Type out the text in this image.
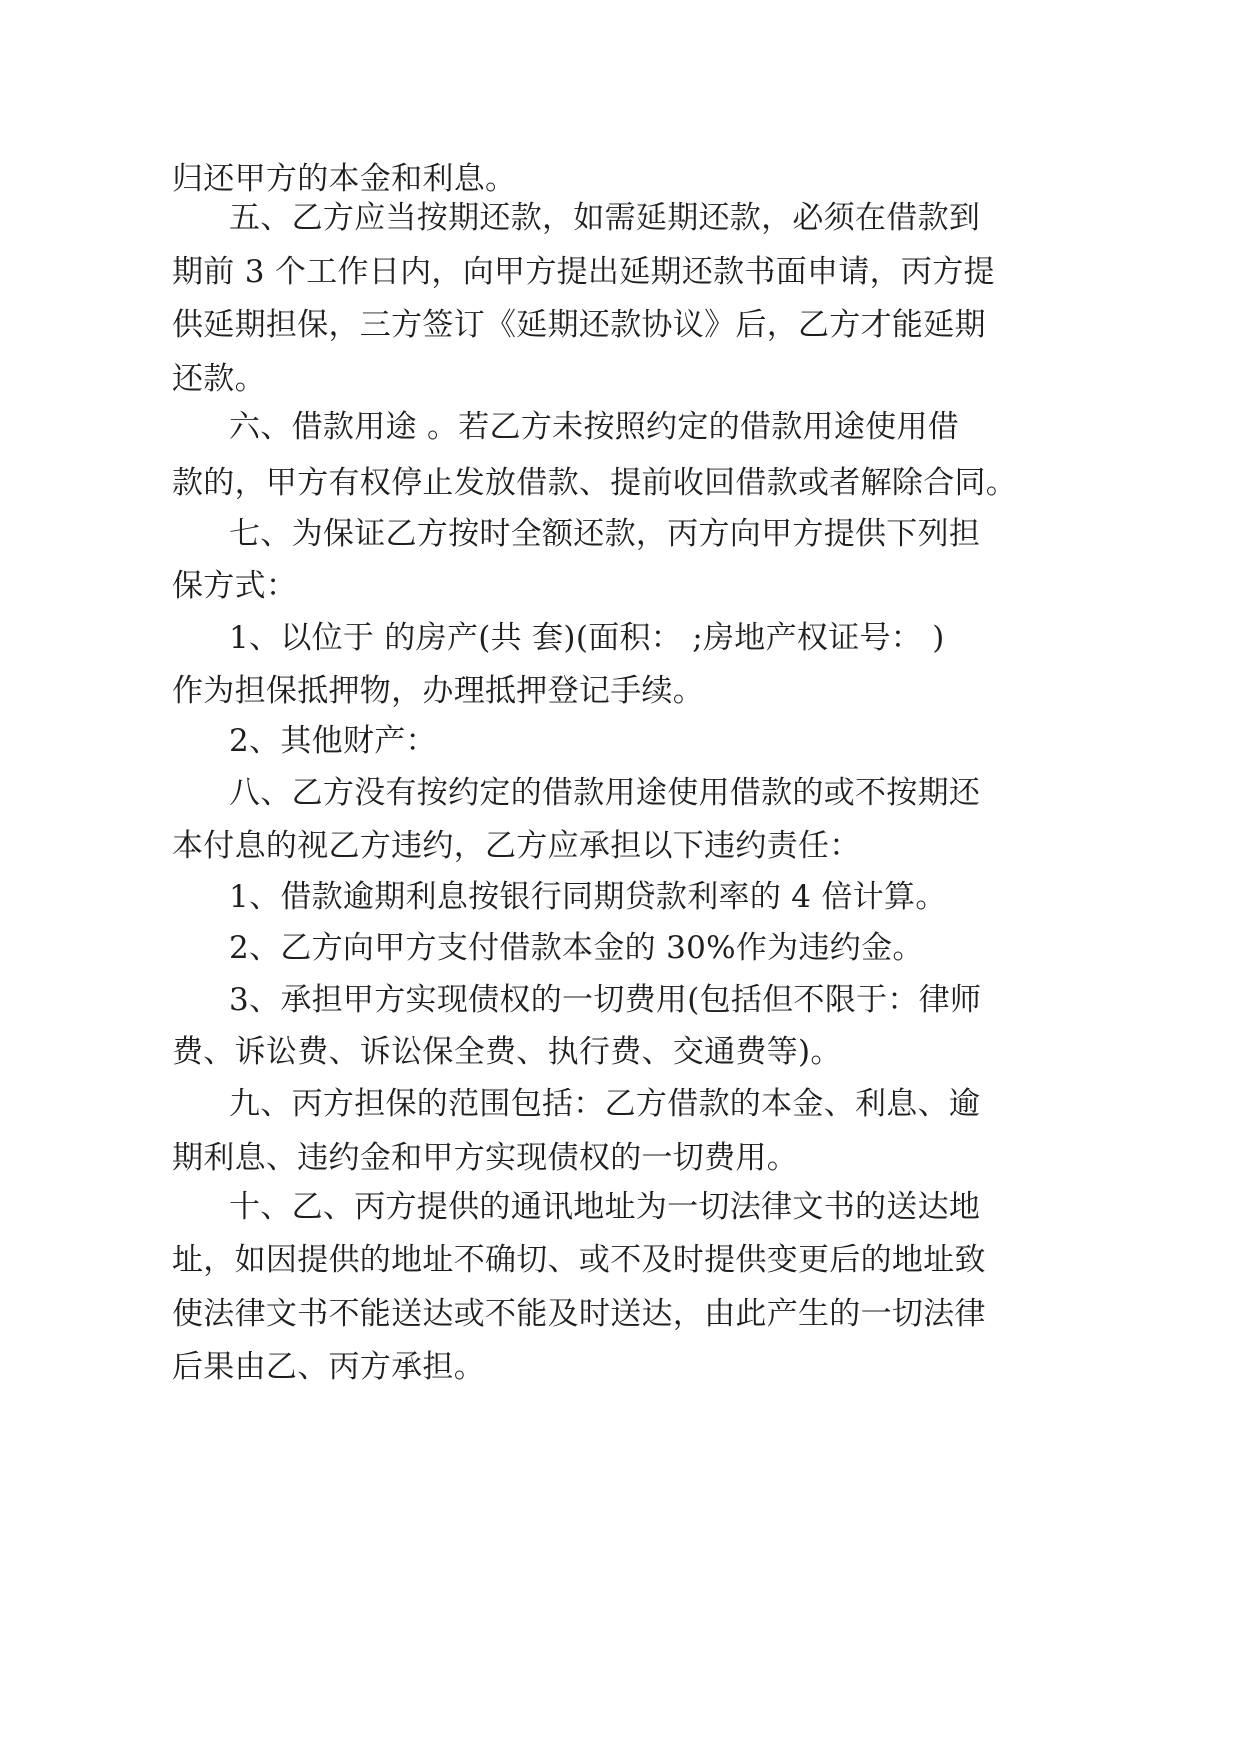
归还甲方的本金和利息。
五、乙方应当按期还款，如需延期还款，必须在借款到
期前 3 个工作日内，向甲方提出延期还款书面申请，丙方提
供延期担保，三方签订《延期还款协议》后，乙方才能延期
还款。
六、借款用途 。若乙方未按照约定的借款用途使用借
款的，甲方有权停止发放借款、提前收回借款或者解除合同。
七、为保证乙方按时全额还款，丙方向甲方提供下列担
保方式：
1、以位于 的房产(共 套)(面积： ;房地产权证号： )
作为担保抵押物，办理抵押登记手续。
2、其他财产：
八、乙方没有按约定的借款用途使用借款的或不按期还
本付息的视乙方违约，乙方应承担以下违约责任：
1、借款逾期利息按银行同期贷款利率的 4 倍计算。
2、乙方向甲方支付借款本金的 30%作为违约金。
3、承担甲方实现债权的一切费用(包括但不限于：律师
费、诉讼费、诉讼保全费、执行费、交通费等)。
九、丙方担保的范围包括：乙方借款的本金、利息、逾
期利息、违约金和甲方实现债权的一切费用。
十、乙、丙方提供的通讯地址为一切法律文书的送达地
址，如因提供的地址不确切、或不及时提供变更后的地址致
使法律文书不能送达或不能及时送达，由此产生的一切法律
后果由乙、丙方承担。
